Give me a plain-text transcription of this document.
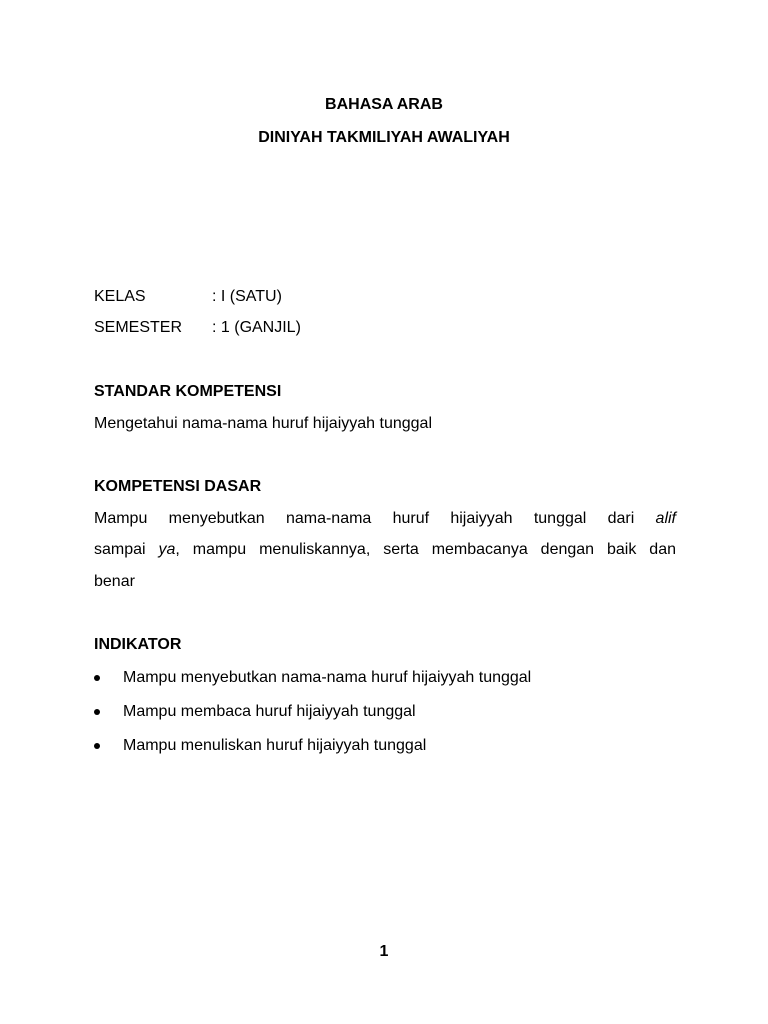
BAHASA ARAB
DINIYAH TAKMILIYAH AWALIYAH
KELAS	: I (SATU)
SEMESTER : 1 (GANJIL)
STANDAR KOMPETENSI
Mengetahui nama-nama huruf hijaiyyah tunggal
KOMPETENSI DASAR
Mampu menyebutkan nama-nama huruf hijaiyyah tunggal dari alif
sampai ya, mampu menuliskannya, serta membacanya dengan baik dan
benar
INDIKATOR
Mampu menyebutkan nama-nama huruf hijaiyyah tunggal
Mampu membaca huruf hijaiyyah tunggal
Mampu menuliskan huruf hijaiyyah tunggal
1
